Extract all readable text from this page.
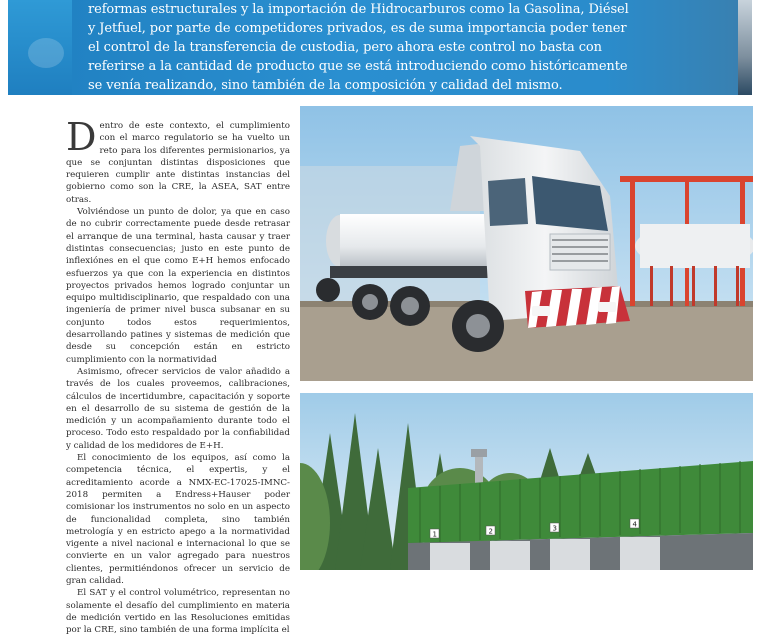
reformas estructurales y la importación de Hidrocarburos como la Gasolina, Diésel
y Jetfuel, por parte de competidores privados, es de suma importancia poder tener
el control de la transferencia de custodia, pero ahora este control no basta con
referirse a la cantidad de producto que se está introduciendo como históricamente
se venía realizando, sino también de la composición y calidad del mismo.

Dentro de este contexto, el cumplimiento con el marco regulatorio se ha vuelto un reto para los diferentes permisionarios, ya que se conjuntan distintas disposiciones que requieren cumplir ante distintas instancias del gobierno como son la CRE, la ASEA, SAT entre otras.

Volviéndose un punto de dolor, ya que en caso de no cubrir correctamente puede desde retrasar el arranque de una terminal, hasta causar y traer distintas consecuencias; justo en este punto de inflexiónes en el que como E+H hemos enfocado esfuerzos ya que con la experiencia en distintos proyectos privados hemos logrado conjuntar un equipo multidisciplinario, que respaldado con una ingeniería de primer nivel busca subsanar en su conjunto todos estos requerimientos, desarrollando patines y sistemas de medición que desde su concepción están en estricto cumplimiento con la normatividad

Asimismo, ofrecer servicios de valor añadido a través de los cuales proveemos, calibraciones, cálculos de incertidumbre, capacitación y soporte en el desarrollo de su sistema de gestión de la medición y un acompañamiento durante todo el proceso. Todo esto respaldado por la confiabilidad y calidad de los medidores de E+H.

El conocimiento de los equipos, así como la competencia técnica, el expertis, y el acreditamiento acorde a NMX-EC-17025-IMNC-2018 permiten a Endress+Hauser poder comisionar los instrumentos no solo en un aspecto de funcionalidad completa, sino también metrología y en estricto apego a la normatividad vigente a nivel nacional e internacional lo que se convierte en un valor agregado para nuestros clientes, permitiéndonos ofrecer un servicio de gran calidad.

El SAT y el control volumétrico, representan no solamente el desafío del cumplimiento en materia de medición vertido en las Resoluciones emitidas por la CRE, sino también de una forma implícita el

1	2	3	4
